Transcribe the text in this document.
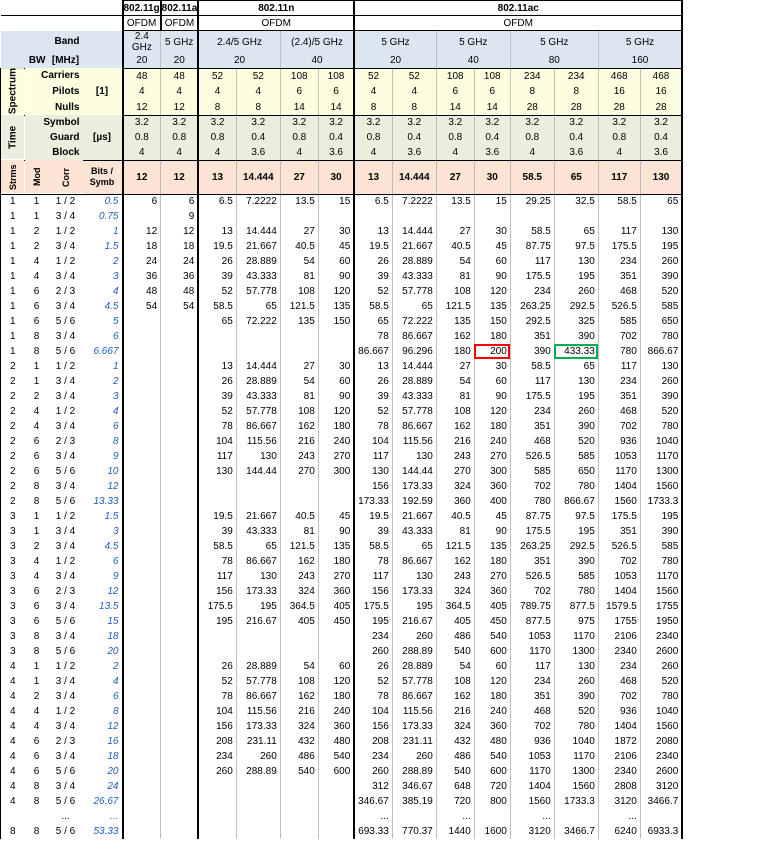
				802.11g	802.11a	802.11n				802.11ac							
				OFDM	OFDM	OFDM				OFDM							
Band				2.4 GHz	5 GHz	2.4/5 GHz		(2.4)/5 GHz		5 GHz		5 GHz		5 GHz		5 GHz	
BW		[MHz]		20	20	20		40		20		40		80		160	
Spectrum	Carriers			48	48	52	52	108	108	52	52	108	108	234	234	468	468
	Pilots		[1]	4	4	4	4	6	6	4	4	6	6	8	8	16	16
	Nulls			12	12	8	8	14	14	8	8	14	14	28	28	28	28
Time	Symbol			3.2	3.2	3.2	3.2	3.2	3.2	3.2	3.2	3.2	3.2	3.2	3.2	3.2	3.2
	Guard		[µs]	0.8	0.8	0.8	0.4	0.8	0.4	0.8	0.4	0.8	0.4	0.8	0.4	0.8	0.4
	Block			4	4	4	3.6	4	3.6	4	3.6	4	3.6	4	3.6	4	3.6
Strms	Mod	Corr	Bits / Symb	12	12	13	14.444	27	30	13	14.444	27	30	58.5	65	117	130
1	1	1 / 2	0.5	6	6	6.5	7.2222	13.5	15	6.5	7.2222	13.5	15	29.25	32.5	58.5	65
1	1	3 / 4	0.75		9												
1	2	1 / 2	1	12	12	13	14.444	27	30	13	14.444	27	30	58.5	65	117	130
1	2	3 / 4	1.5	18	18	19.5	21.667	40.5	45	19.5	21.667	40.5	45	87.75	97.5	175.5	195
1	4	1 / 2	2	24	24	26	28.889	54	60	26	28.889	54	60	117	130	234	260
1	4	3 / 4	3	36	36	39	43.333	81	90	39	43.333	81	90	175.5	195	351	390
1	6	2 / 3	4	48	48	52	57.778	108	120	52	57.778	108	120	234	260	468	520
1	6	3 / 4	4.5	54	54	58.5	65	121.5	135	58.5	65	121.5	135	263.25	292.5	526.5	585
1	6	5 / 6	5			65	72.222	135	150	65	72.222	135	150	292.5	325	585	650
1	8	3 / 4	6							78	86.667	162	180	351	390	702	780
1	8	5 / 6	6.667							86.667	96.296	180	200	390	433.33	780	866.67
2	1	1 / 2	1			13	14.444	27	30	13	14.444	27	30	58.5	65	117	130
2	1	3 / 4	2			26	28.889	54	60	26	28.889	54	60	117	130	234	260
2	2	3 / 4	3			39	43.333	81	90	39	43.333	81	90	175.5	195	351	390
2	4	1 / 2	4			52	57.778	108	120	52	57.778	108	120	234	260	468	520
2	4	3 / 4	6			78	86.667	162	180	78	86.667	162	180	351	390	702	780
2	6	2 / 3	8			104	115.56	216	240	104	115.56	216	240	468	520	936	1040
2	6	3 / 4	9			117	130	243	270	117	130	243	270	526.5	585	1053	1170
2	6	5 / 6	10			130	144.44	270	300	130	144.44	270	300	585	650	1170	1300
2	8	3 / 4	12							156	173.33	324	360	702	780	1404	1560
2	8	5 / 6	13.33							173.33	192.59	360	400	780	866.67	1560	1733.3
3	1	1 / 2	1.5			19.5	21.667	40.5	45	19.5	21.667	40.5	45	87.75	97.5	175.5	195
3	1	3 / 4	3			39	43.333	81	90	39	43.333	81	90	175.5	195	351	390
3	2	3 / 4	4.5			58.5	65	121.5	135	58.5	65	121.5	135	263.25	292.5	526.5	585
3	4	1 / 2	6			78	86.667	162	180	78	86.667	162	180	351	390	702	780
3	4	3 / 4	9			117	130	243	270	117	130	243	270	526.5	585	1053	1170
3	6	2 / 3	12			156	173.33	324	360	156	173.33	324	360	702	780	1404	1560
3	6	3 / 4	13.5			175.5	195	364.5	405	175.5	195	364.5	405	789.75	877.5	1579.5	1755
3	6	5 / 6	15			195	216.67	405	450	195	216.67	405	450	877.5	975	1755	1950
3	8	3 / 4	18							234	260	486	540	1053	1170	2106	2340
3	8	5 / 6	20							260	288.89	540	600	1170	1300	2340	2600
4	1	1 / 2	2			26	28.889	54	60	26	28.889	54	60	117	130	234	260
4	1	3 / 4	4			52	57.778	108	120	52	57.778	108	120	234	260	468	520
4	2	3 / 4	6			78	86.667	162	180	78	86.667	162	180	351	390	702	780
4	4	1 / 2	8			104	115.56	216	240	104	115.56	216	240	468	520	936	1040
4	4	3 / 4	12			156	173.33	324	360	156	173.33	324	360	702	780	1404	1560
4	6	2 / 3	16			208	231.11	432	480	208	231.11	432	480	936	1040	1872	2080
4	6	3 / 4	18			234	260	486	540	234	260	486	540	1053	1170	2106	2340
4	6	5 / 6	20			260	288.89	540	600	260	288.89	540	600	1170	1300	2340	2600
4	8	3 / 4	24							312	346.67	648	720	1404	1560	2808	3120
4	8	5 / 6	26.67							346.67	385.19	720	800	1560	1733.3	3120	3466.7
		...	...							...		...		...		...	
8	8	5 / 6	53.33							693.33	770.37	1440	1600	3120	3466.7	6240	6933.3
